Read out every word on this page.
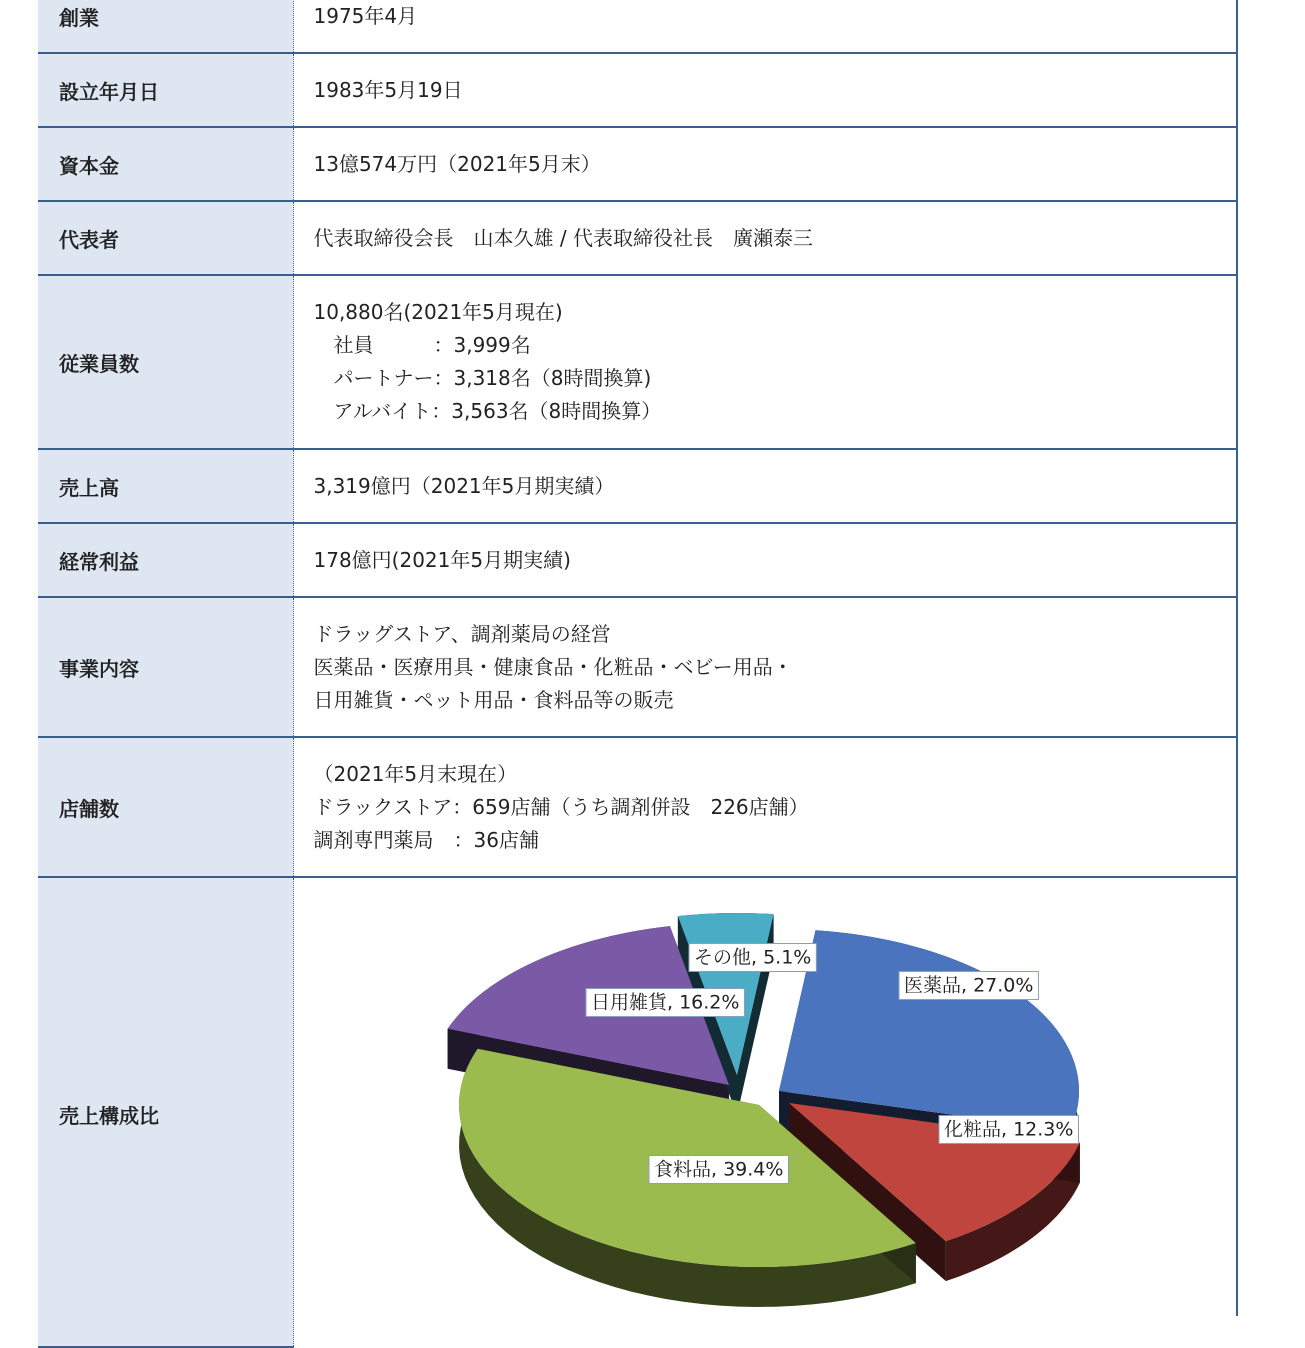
創業	1975年4月

設立年月日	1983年5月19日

資本金	13億574万円（2021年5月末）

代表者	代表取締役会長　山本久雄 / 代表取締役社長　廣瀬泰三

従業員数	10,880名(2021年5月現在)
　社員　　　：3,999名
　パートナー：3,318名（8時間換算)
　アルバイト：3,563名（8時間換算）

売上高	3,319億円（2021年5月期実績）

経常利益	178億円(2021年5月期実績)

事業内容	ドラッグストア、調剤薬局の経営
医薬品・医療用具・健康食品・化粧品・ベビー用品・
日用雑貨・ペット用品・食料品等の販売

店舗数	（2021年5月末現在）
ドラックストア：659店舗（うち調剤併設　226店舗）
調剤専門薬局　：36店舗

売上構成比	医薬品, 27.0%
化粧品, 12.3%
食料品, 39.4%
日用雑貨, 16.2%
その他, 5.1%
